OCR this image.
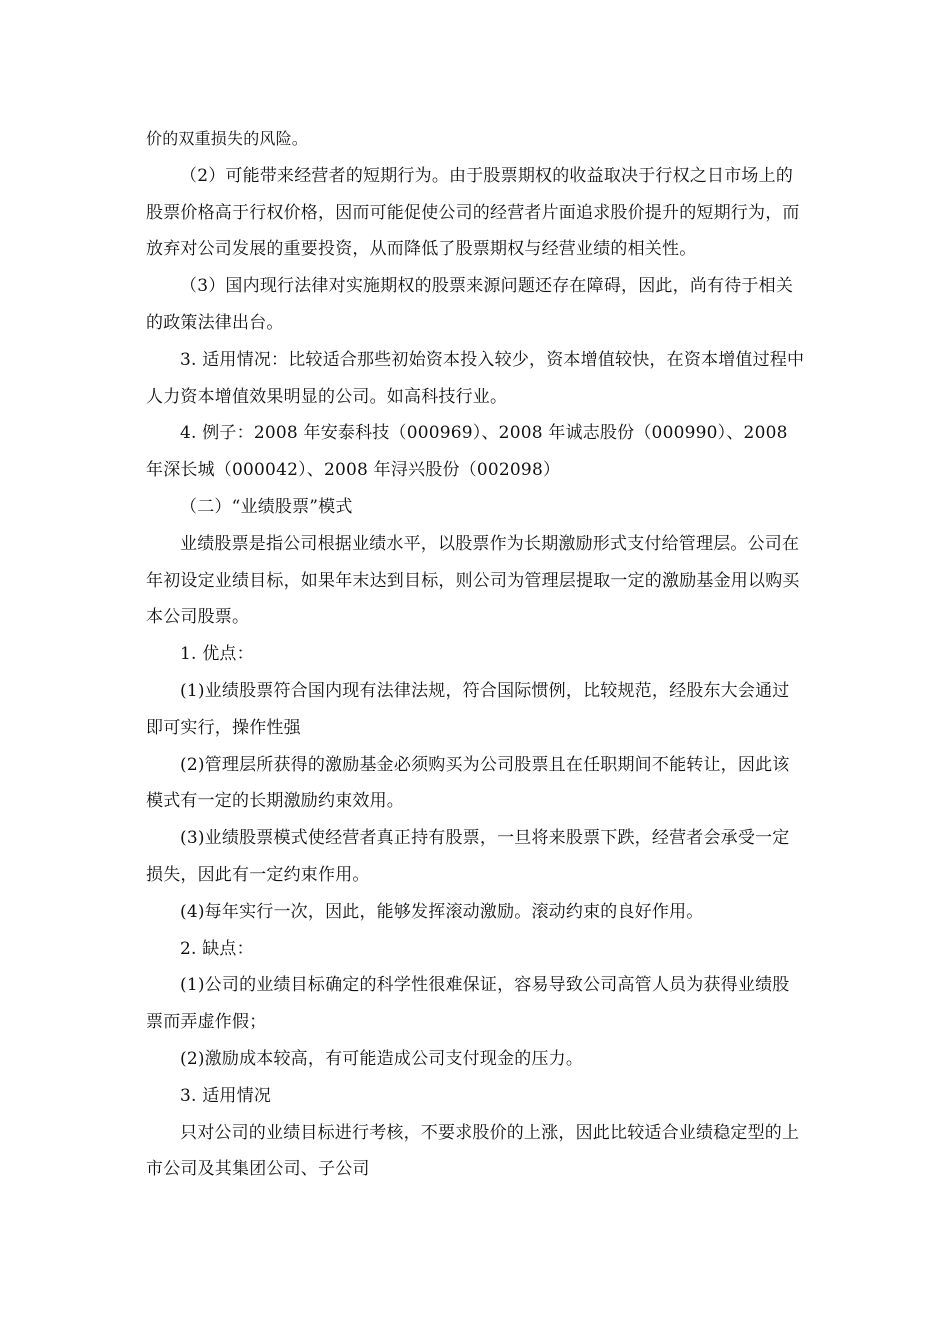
价的双重损失的风险。

（2）可能带来经营者的短期行为。由于股票期权的收益取决于行权之日市场上的股票价格高于行权价格，因而可能促使公司的经营者片面追求股价提升的短期行为，而放弃对公司发展的重要投资，从而降低了股票期权与经营业绩的相关性。

（3）国内现行法律对实施期权的股票来源问题还存在障碍，因此，尚有待于相关的政策法律出台。

3. 适用情况：比较适合那些初始资本投入较少，资本增值较快，在资本增值过程中人力资本增值效果明显的公司。如高科技行业。

4. 例子：2008 年安泰科技（000969）、2008 年诚志股份（000990）、2008 年深长城（000042）、2008 年浔兴股份（002098）

（二）“业绩股票”模式

业绩股票是指公司根据业绩水平，以股票作为长期激励形式支付给管理层。公司在年初设定业绩目标，如果年末达到目标，则公司为管理层提取一定的激励基金用以购买本公司股票。

1. 优点：

(1)业绩股票符合国内现有法律法规，符合国际惯例，比较规范，经股东大会通过即可实行，操作性强

(2)管理层所获得的激励基金必须购买为公司股票且在任职期间不能转让，因此该模式有一定的长期激励约束效用。

(3)业绩股票模式使经营者真正持有股票，一旦将来股票下跌，经营者会承受一定损失，因此有一定约束作用。

(4)每年实行一次，因此，能够发挥滚动激励。滚动约束的良好作用。

2. 缺点：

(1)公司的业绩目标确定的科学性很难保证，容易导致公司高管人员为获得业绩股票而弄虚作假；

(2)激励成本较高，有可能造成公司支付现金的压力。

3. 适用情况

只对公司的业绩目标进行考核，不要求股价的上涨，因此比较适合业绩稳定型的上市公司及其集团公司、子公司
